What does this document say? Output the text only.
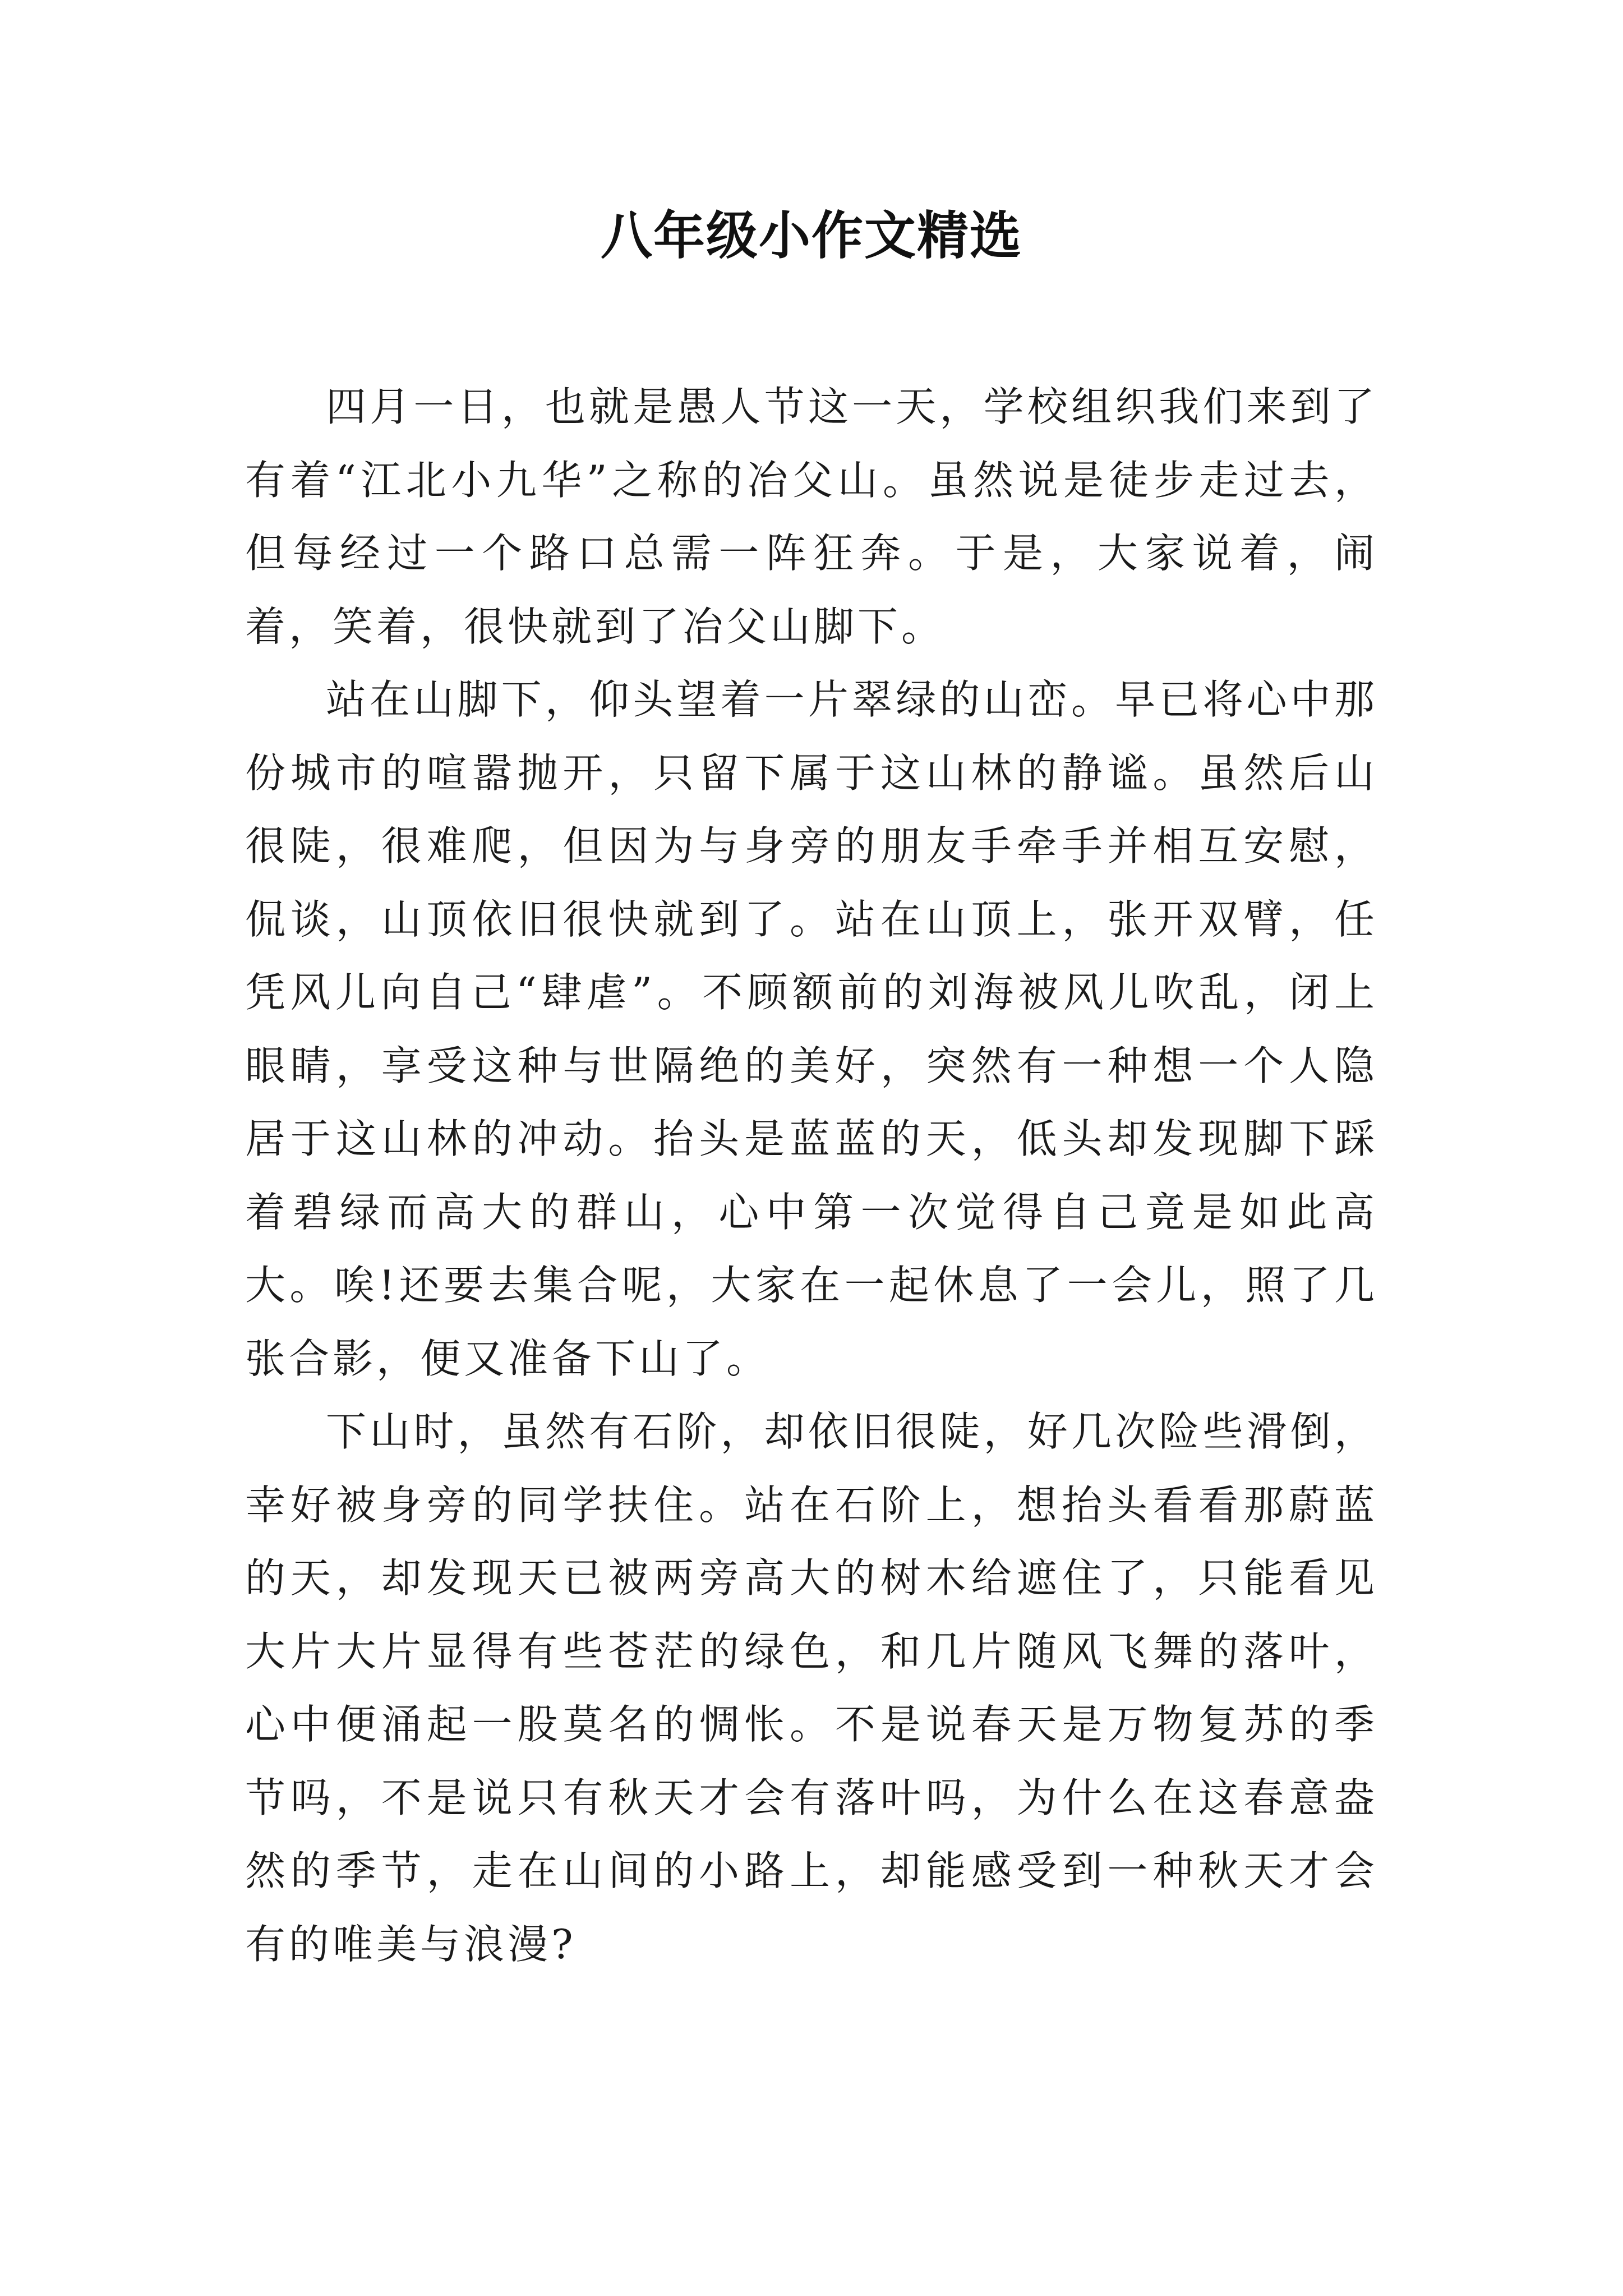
八年级小作文精选

四月一日，也就是愚人节这一天，学校组织我们来到了有着“江北小九华”之称的冶父山。虽然说是徒步走过去，但每经过一个路口总需一阵狂奔。于是，大家说着，闹着，笑着，很快就到了冶父山脚下。

站在山脚下，仰头望着一片翠绿的山峦。早已将心中那份城市的喧嚣抛开，只留下属于这山林的静谧。虽然后山很陡，很难爬，但因为与身旁的朋友手牵手并相互安慰，侃谈，山顶依旧很快就到了。站在山顶上，张开双臂，任凭风儿向自己“肆虐”。不顾额前的刘海被风儿吹乱，闭上眼睛，享受这种与世隔绝的美好，突然有一种想一个人隐居于这山林的冲动。抬头是蓝蓝的天，低头却发现脚下踩着碧绿而高大的群山，心中第一次觉得自己竟是如此高大。唉!还要去集合呢，大家在一起休息了一会儿，照了几张合影，便又准备下山了。

下山时，虽然有石阶，却依旧很陡，好几次险些滑倒，幸好被身旁的同学扶住。站在石阶上，想抬头看看那蔚蓝的天，却发现天已被两旁高大的树木给遮住了，只能看见大片大片显得有些苍茫的绿色，和几片随风飞舞的落叶，心中便涌起一股莫名的惆怅。不是说春天是万物复苏的季节吗，不是说只有秋天才会有落叶吗，为什么在这春意盎然的季节，走在山间的小路上，却能感受到一种秋天才会有的唯美与浪漫?
